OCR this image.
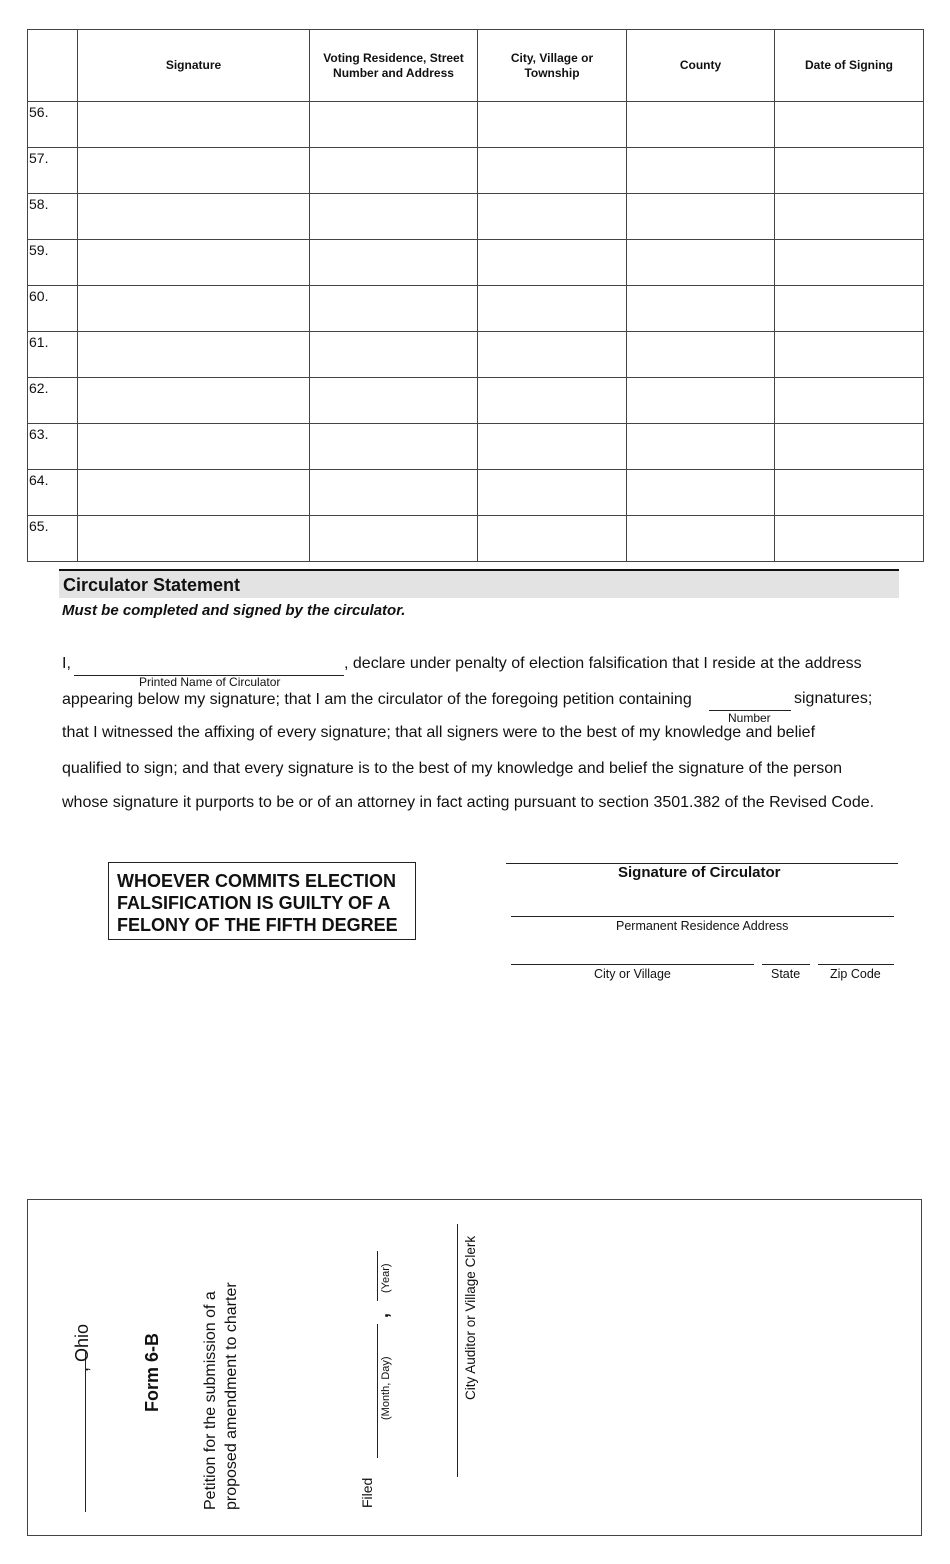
	Signature	Voting Residence, Street
Number and Address	City, Village or
Township	County	Date of Signing
56.					
57.					
58.					
59.					
60.					
61.					
62.					
63.					
64.					
65.					
Circulator Statement
Must be completed and signed by the circulator.
I,	, declare under penalty of election falsification that I reside at the address
Printed Name of Circulator
appearing below my signature; that I am the circulator of the foregoing petition containing	signatures;
Number
that I witnessed the affixing of every signature; that all signers were to the best of my knowledge and belief
qualified to sign; and that every signature is to the best of my knowledge and belief the signature of the person
whose signature it purports to be or of an attorney in fact acting pursuant to section 3501.382 of the Revised Code.
WHOEVER COMMITS ELECTION
FALSIFICATION IS GUILTY OF A
FELONY OF THE FIFTH DEGREE
Signature of Circulator
Permanent Residence Address
City or Village	State Zip Code
, Ohio	Form 6-B	Petition for the submission of a proposed amendment to charter	Filed
(Month, Day)
,
(Year)	City Auditor or Village Clerk
